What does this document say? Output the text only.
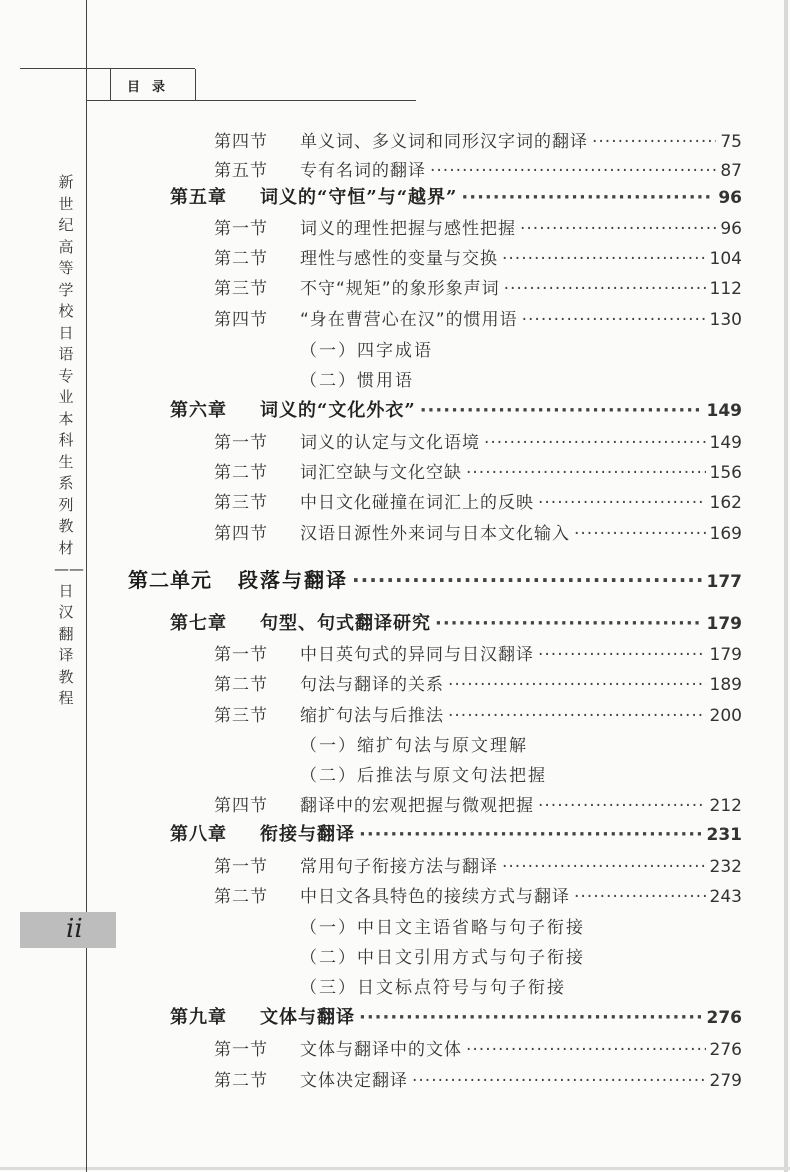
目录
新世纪高等学校日语专业本科生系列教材——日汉翻译教程
ii
第四节	单义词、多义词和同形汉字词的翻译 ·····	75
第五节	专有名词的翻译 ·····	87
第五章	词义的“守恒”与“越界” ·····	96
第一节	词义的理性把握与感性把握 ·····	96
第二节	理性与感性的变量与交换 ·····	104
第三节	不守“规矩”的象形象声词 ·····	112
第四节	“身在曹营心在汉”的惯用语 ·····	130
（一）四字成语
（二）惯用语
第六章	词义的“文化外衣” ·····	149
第一节	词义的认定与文化语境 ·····	149
第二节	词汇空缺与文化空缺 ·····	156
第三节	中日文化碰撞在词汇上的反映 ·····	162
第四节	汉语日源性外来词与日本文化输入 ·····	169
第二单元	段落与翻译 ·····	177
第七章	句型、句式翻译研究 ·····	179
第一节	中日英句式的异同与日汉翻译 ·····	179
第二节	句法与翻译的关系 ·····	189
第三节	缩扩句法与后推法 ·····	200
（一）缩扩句法与原文理解
（二）后推法与原文句法把握
第四节	翻译中的宏观把握与微观把握 ·····	212
第八章	衔接与翻译 ·····	231
第一节	常用句子衔接方法与翻译 ·····	232
第二节	中日文各具特色的接续方式与翻译 ·····	243
（一）中日文主语省略与句子衔接
（二）中日文引用方式与句子衔接
（三）日文标点符号与句子衔接
第九章	文体与翻译 ·····	276
第一节	文体与翻译中的文体 ·····	276
第二节	文体决定翻译 ·····	279
